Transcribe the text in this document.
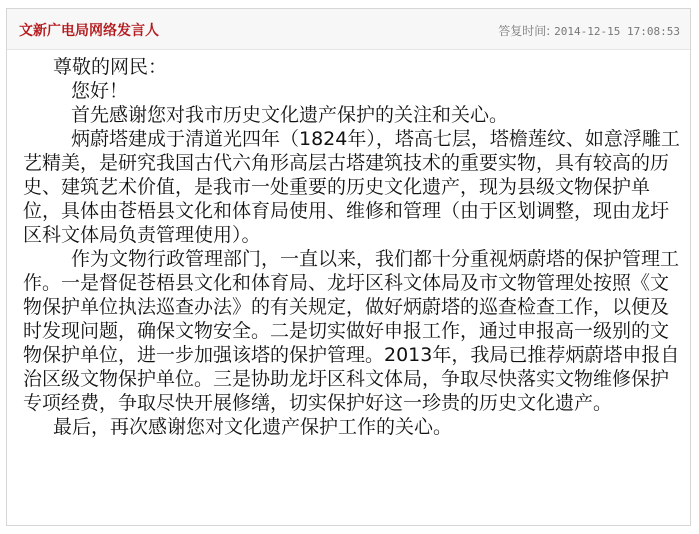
文新广电局网络发言人	答复时间: 2014-12-15 17:08:53

尊敬的网民：

您好！

首先感谢您对我市历史文化遗产保护的关注和关心。

炳蔚塔建成于清道光四年（1824年），塔高七层，塔檐莲纹、如意浮雕工艺精美，是研究我国古代六角形高层古塔建筑技术的重要实物，具有较高的历史、建筑艺术价值，是我市一处重要的历史文化遗产，现为县级文物保护单位，具体由苍梧县文化和体育局使用、维修和管理（由于区划调整，现由龙圩区科文体局负责管理使用）。

作为文物行政管理部门，一直以来，我们都十分重视炳蔚塔的保护管理工作。一是督促苍梧县文化和体育局、龙圩区科文体局及市文物管理处按照《文物保护单位执法巡查办法》的有关规定，做好炳蔚塔的巡查检查工作，以便及时发现问题，确保文物安全。二是切实做好申报工作，通过申报高一级别的文物保护单位，进一步加强该塔的保护管理。2013年，我局已推荐炳蔚塔申报自治区级文物保护单位。三是协助龙圩区科文体局，争取尽快落实文物维修保护专项经费，争取尽快开展修缮，切实保护好这一珍贵的历史文化遗产。

最后，再次感谢您对文化遗产保护工作的关心。
